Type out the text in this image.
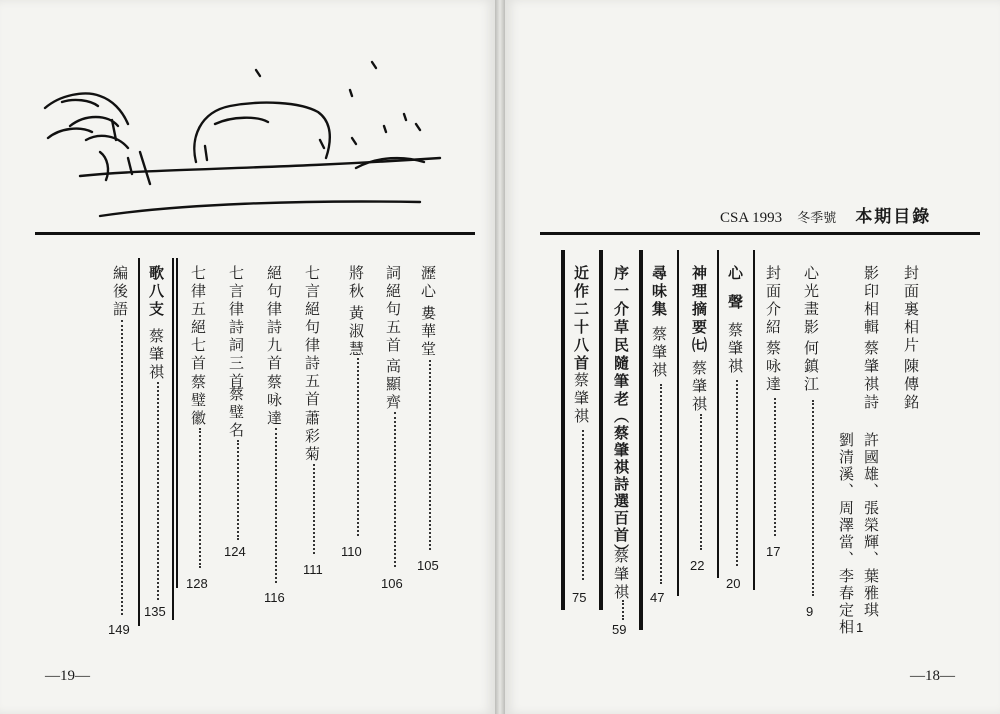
瀝心
婁華堂
105
詞絕句五首
高顯齊
106
將秋
黃淑慧
110
七言絕句律詩五首
蕭彩菊
111
絕句律詩九首
蔡咏達
116
七言律詩詞三首
蔡璧名
124
七律五絕七首
蔡璧徽
128
歌八支
蔡肇祺
135
編後語
149
—19—
CSA 1993 冬季號 本期目錄
封面裏相片
陳傳銘
影印相輯
蔡肇祺詩
許國雄、張榮輝、葉雅琪
劉清溪、周澤當、李春定相 1
心光畫影
何鎮江
9
封面介紹
蔡咏達
17
心聲
蔡肇祺
20
神理摘要㈦
蔡肇祺
22
尋味集
蔡肇祺
47
序一介草民隨筆老
︵蔡肇祺詩選百首︶
蔡肇祺
59
近作二十八首
蔡肇祺
75
—18—
